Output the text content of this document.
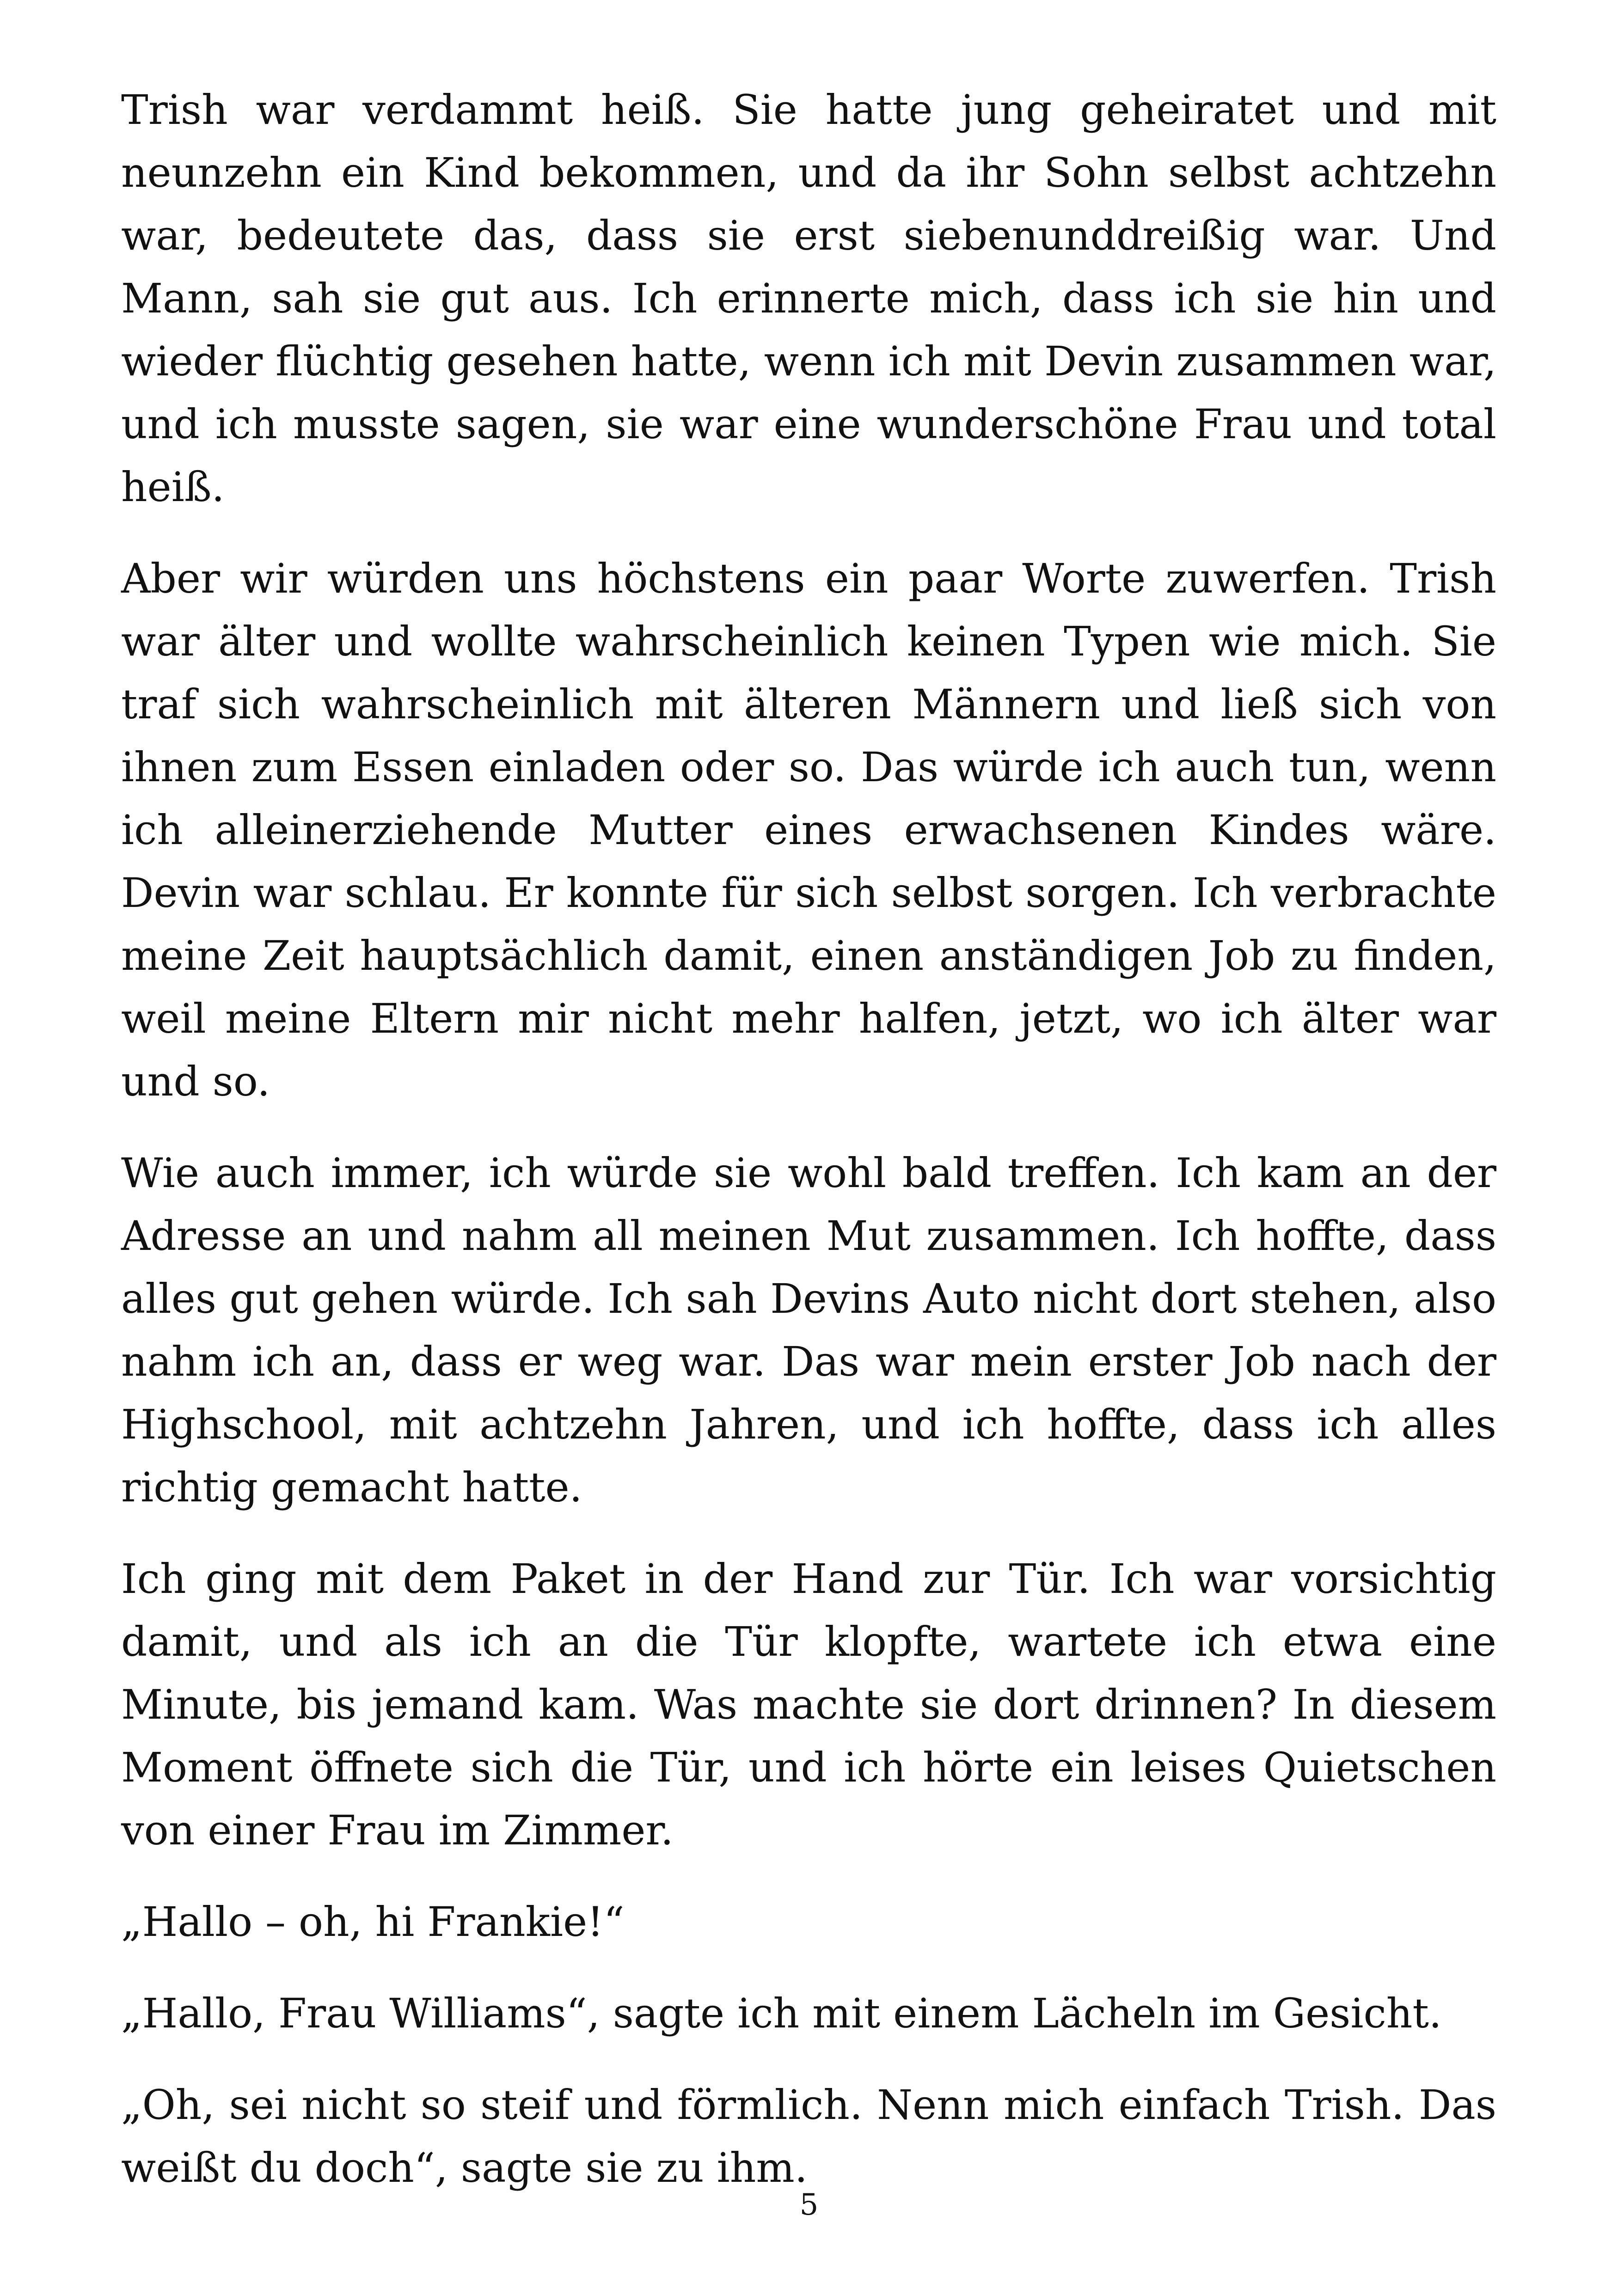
Trish war verdammt heiß. Sie hatte jung geheiratet und mit neunzehn ein Kind bekommen, und da ihr Sohn selbst achtzehn war, bedeutete das, dass sie erst siebenunddreißig war. Und Mann, sah sie gut aus. Ich erinnerte mich, dass ich sie hin und wieder flüchtig gesehen hatte, wenn ich mit Devin zusammen war, und ich musste sagen, sie war eine wunderschöne Frau und total heiß.

Aber wir würden uns höchstens ein paar Worte zuwerfen. Trish war älter und wollte wahrscheinlich keinen Typen wie mich. Sie traf sich wahrscheinlich mit älteren Männern und ließ sich von ihnen zum Essen einladen oder so. Das würde ich auch tun, wenn ich alleinerziehende Mutter eines erwachsenen Kindes wäre. Devin war schlau. Er konnte für sich selbst sorgen. Ich verbrachte meine Zeit hauptsächlich damit, einen anständigen Job zu finden, weil meine Eltern mir nicht mehr halfen, jetzt, wo ich älter war und so.

Wie auch immer, ich würde sie wohl bald treffen. Ich kam an der Adresse an und nahm all meinen Mut zusammen. Ich hoffte, dass alles gut gehen würde. Ich sah Devins Auto nicht dort stehen, also nahm ich an, dass er weg war. Das war mein erster Job nach der Highschool, mit achtzehn Jahren, und ich hoffte, dass ich alles richtig gemacht hatte.

Ich ging mit dem Paket in der Hand zur Tür. Ich war vorsichtig damit, und als ich an die Tür klopfte, wartete ich etwa eine Minute, bis jemand kam. Was machte sie dort drinnen? In diesem Moment öffnete sich die Tür, und ich hörte ein leises Quietschen von einer Frau im Zimmer.

„Hallo – oh, hi Frankie!“

„Hallo, Frau Williams“, sagte ich mit einem Lächeln im Gesicht.

„Oh, sei nicht so steif und förmlich. Nenn mich einfach Trish. Das weißt du doch“, sagte sie zu ihm.

5
